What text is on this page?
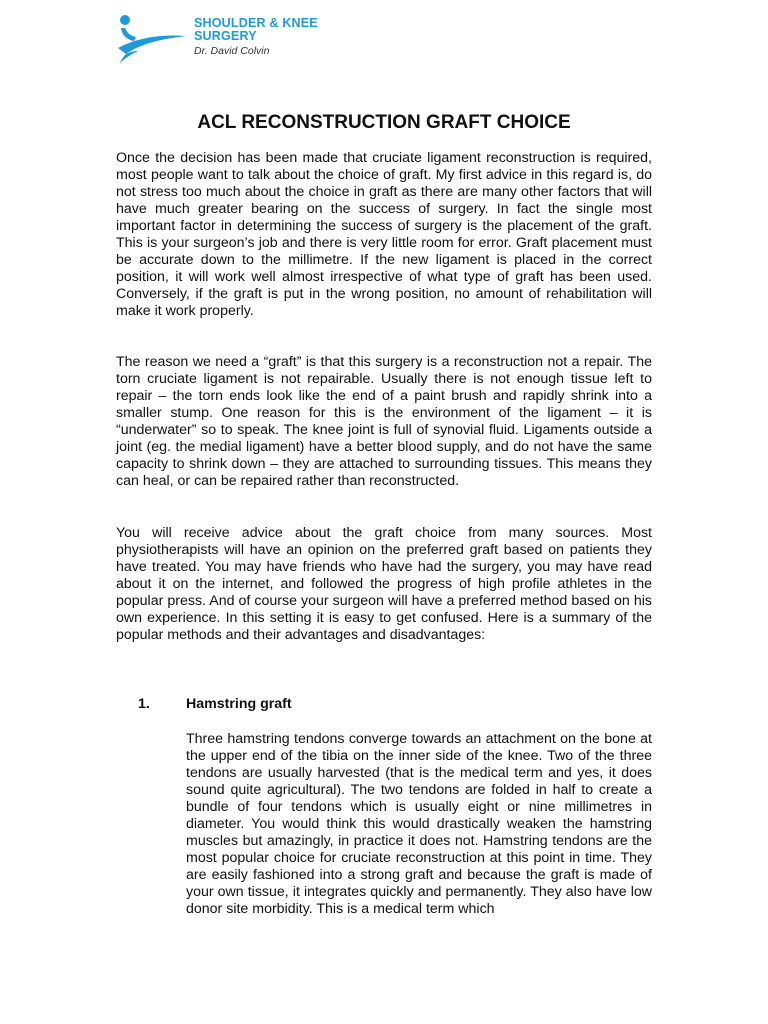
SHOULDER & KNEE
SURGERY
Dr. David Colvin
ACL RECONSTRUCTION GRAFT CHOICE

Once the decision has been made that cruciate ligament reconstruction is required, most people want to talk about the choice of graft. My first advice in this regard is, do not stress too much about the choice in graft as there are many other factors that will have much greater bearing on the success of surgery. In fact the single most important factor in determining the success of surgery is the placement of the graft. This is your surgeon’s job and there is very little room for error. Graft placement must be accurate down to the millimetre. If the new ligament is placed in the correct position, it will work well almost irrespective of what type of graft has been used. Conversely, if the graft is put in the wrong position, no amount of rehabilitation will make it work properly.

The reason we need a “graft” is that this surgery is a reconstruction not a repair. The torn cruciate ligament is not repairable. Usually there is not enough tissue left to repair – the torn ends look like the end of a paint brush and rapidly shrink into a smaller stump. One reason for this is the environment of the ligament – it is “underwater” so to speak. The knee joint is full of synovial fluid. Ligaments outside a joint (eg. the medial ligament) have a better blood supply, and do not have the same capacity to shrink down – they are attached to surrounding tissues. This means they can heal, or can be repaired rather than reconstructed.

You will receive advice about the graft choice from many sources. Most physiotherapists will have an opinion on the preferred graft based on patients they have treated. You may have friends who have had the surgery, you may have read about it on the internet, and followed the progress of high profile athletes in the popular press. And of course your surgeon will have a preferred method based on his own experience. In this setting it is easy to get confused. Here is a summary of the popular methods and their advantages and disadvantages:

1.	Hamstring graft

Three hamstring tendons converge towards an attachment on the bone at the upper end of the tibia on the inner side of the knee. Two of the three tendons are usually harvested (that is the medical term and yes, it does sound quite agricultural). The two tendons are folded in half to create a bundle of four tendons which is usually eight or nine millimetres in diameter. You would think this would drastically weaken the hamstring muscles but amazingly, in practice it does not. Hamstring tendons are the most popular choice for cruciate reconstruction at this point in time. They are easily fashioned into a strong graft and because the graft is made of your own tissue, it integrates quickly and permanently. They also have low donor site morbidity. This is a medical term which
